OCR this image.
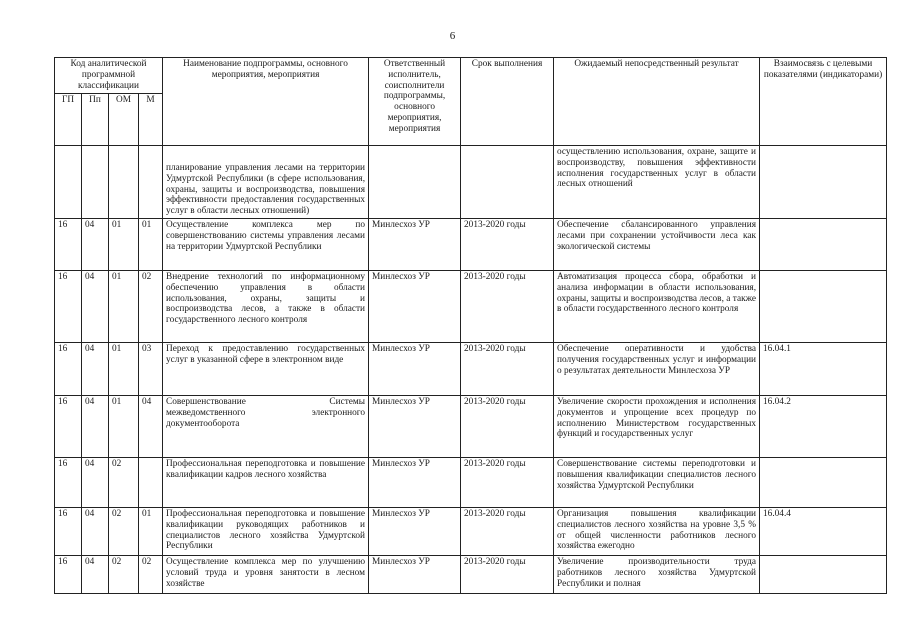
6
Код аналитической программной классификации				Наименование подпрограммы, основного мероприятия, мероприятия	Ответственный исполнитель, соисполнители подпрограммы, основного мероприятия, мероприятия	Срок выполнения	Ожидаемый непосредственный результат	Взаимосвязь с целевыми показателями (индикаторами)
ГП	Пп	ОМ	М					
				планирование управления лесами на территории Удмуртской Республики (в сфере использования, охраны, защиты и воспроизводства, повышения эффективности предоставления государственных услуг в области лесных отношений)			осуществлению использования, охране, защите и воспроизводству, повышения эффективности исполнения государственных услуг в области лесных отношений	
16	04	01	01	Осуществление комплекса мер по совершенствованию системы управления лесами на территории Удмуртской Республики	Минлесхоз УР	2013-2020 годы	Обеспечение сбалансированного управления лесами при сохранении устойчивости леса как экологической системы	
16	04	01	02	Внедрение технологий по информационному обеспечению управления в области использования, охраны, защиты и воспроизводства лесов, а также в области государственного лесного контроля	Минлесхоз УР	2013-2020 годы	Автоматизация процесса сбора, обработки и анализа информации в области использования, охраны, защиты и воспроизводства лесов, а также в области государственного лесного контроля	
16	04	01	03	Переход к предоставлению государственных услуг в указанной сфере в электронном виде	Минлесхоз УР	2013-2020 годы	Обеспечение оперативности и удобства получения государственных услуг и информации о результатах деятельности Минлесхоза УР	16.04.1
16	04	01	04	Совершенствование Системы межведомственного электронного документооборота	Минлесхоз УР	2013-2020 годы	Увеличение скорости прохождения и исполнения документов и упрощение всех процедур по исполнению Министерством государственных функций и государственных услуг	16.04.2
16	04	02		Профессиональная переподготовка и повышение квалификации кадров лесного хозяйства	Минлесхоз УР	2013-2020 годы	Совершенствование системы переподготовки и повышения квалификации специалистов лесного хозяйства Удмуртской Республики	
16	04	02	01	Профессиональная переподготовка и повышение квалификации руководящих работников и специалистов лесного хозяйства Удмуртской Республики	Минлесхоз УР	2013-2020 годы	Организация повышения квалификации специалистов лесного хозяйства на уровне 3,5 % от общей численности работников лесного хозяйства ежегодно	16.04.4
16	04	02	02	Осуществление комплекса мер по улучшению условий труда и уровня занятости в лесном хозяйстве	Минлесхоз УР	2013-2020 годы	Увеличение производительности труда работников лесного хозяйства Удмуртской Республики и полная	
